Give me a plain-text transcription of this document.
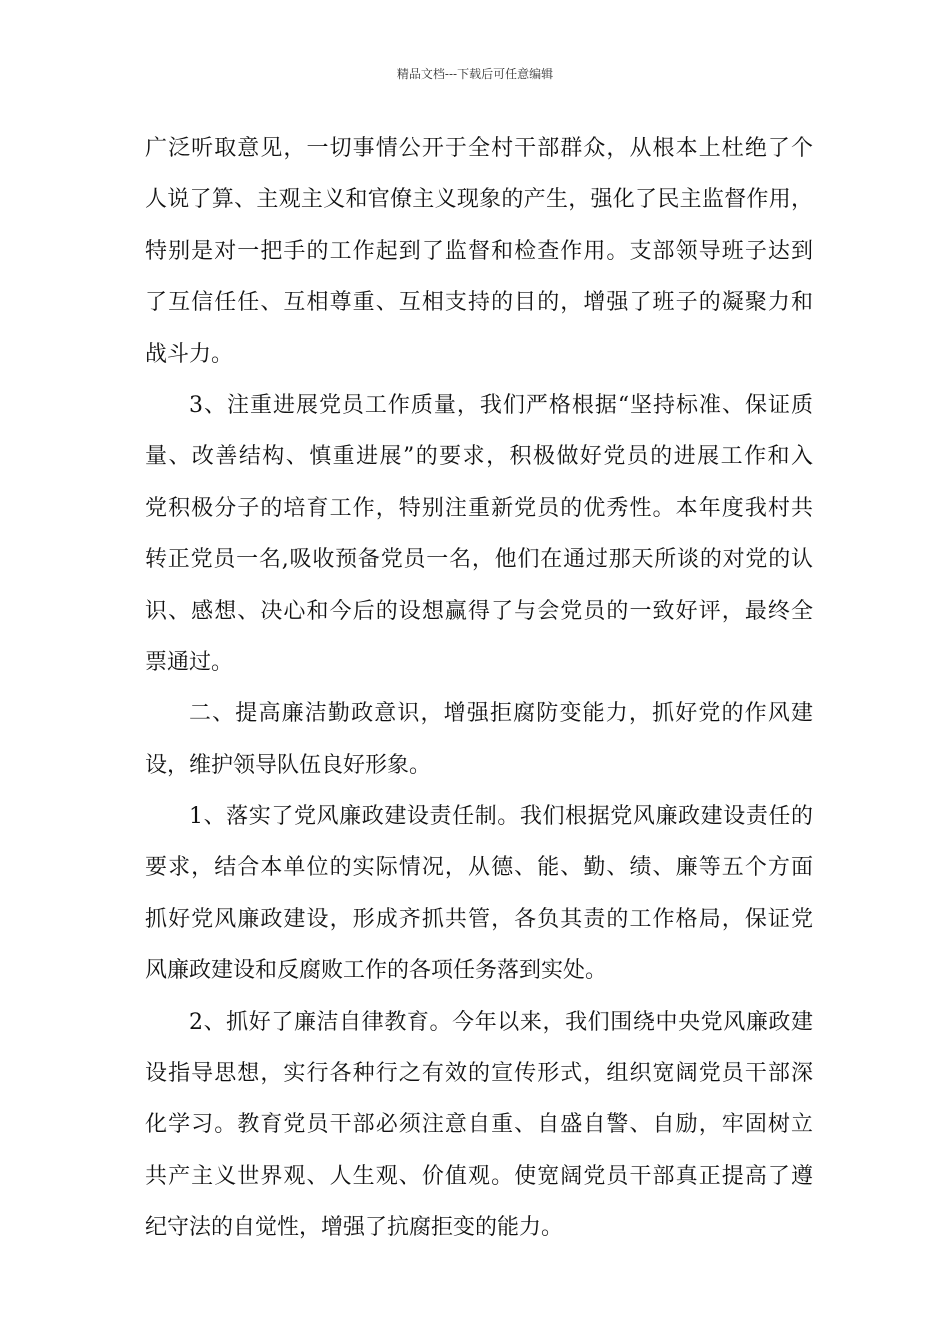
精品文档---下载后可任意编辑
广泛听取意见，一切事情公开于全村干部群众，从根本上杜绝了个
人说了算、主观主义和官僚主义现象的产生，强化了民主监督作用，
特别是对一把手的工作起到了监督和检查作用。支部领导班子达到
了互信任任、互相尊重、互相支持的目的，增强了班子的凝聚力和
战斗力。
3、注重进展党员工作质量，我们严格根据“坚持标准、保证质
量、改善结构、慎重进展”的要求，积极做好党员的进展工作和入
党积极分子的培育工作，特别注重新党员的优秀性。本年度我村共
转正党员一名,吸收预备党员一名，他们在通过那天所谈的对党的认
识、感想、决心和今后的设想赢得了与会党员的一致好评，最终全
票通过。
二、提高廉洁勤政意识，增强拒腐防变能力，抓好党的作风建
设，维护领导队伍良好形象。
1、落实了党风廉政建设责任制。我们根据党风廉政建设责任的
要求，结合本单位的实际情况，从德、能、勤、绩、廉等五个方面
抓好党风廉政建设，形成齐抓共管，各负其责的工作格局，保证党
风廉政建设和反腐败工作的各项任务落到实处。
2、抓好了廉洁自律教育。今年以来，我们围绕中央党风廉政建
设指导思想，实行各种行之有效的宣传形式，组织宽阔党员干部深
化学习。教育党员干部必须注意自重、自盛自警、自励，牢固树立
共产主义世界观、人生观、价值观。使宽阔党员干部真正提高了遵
纪守法的自觉性，增强了抗腐拒变的能力。
